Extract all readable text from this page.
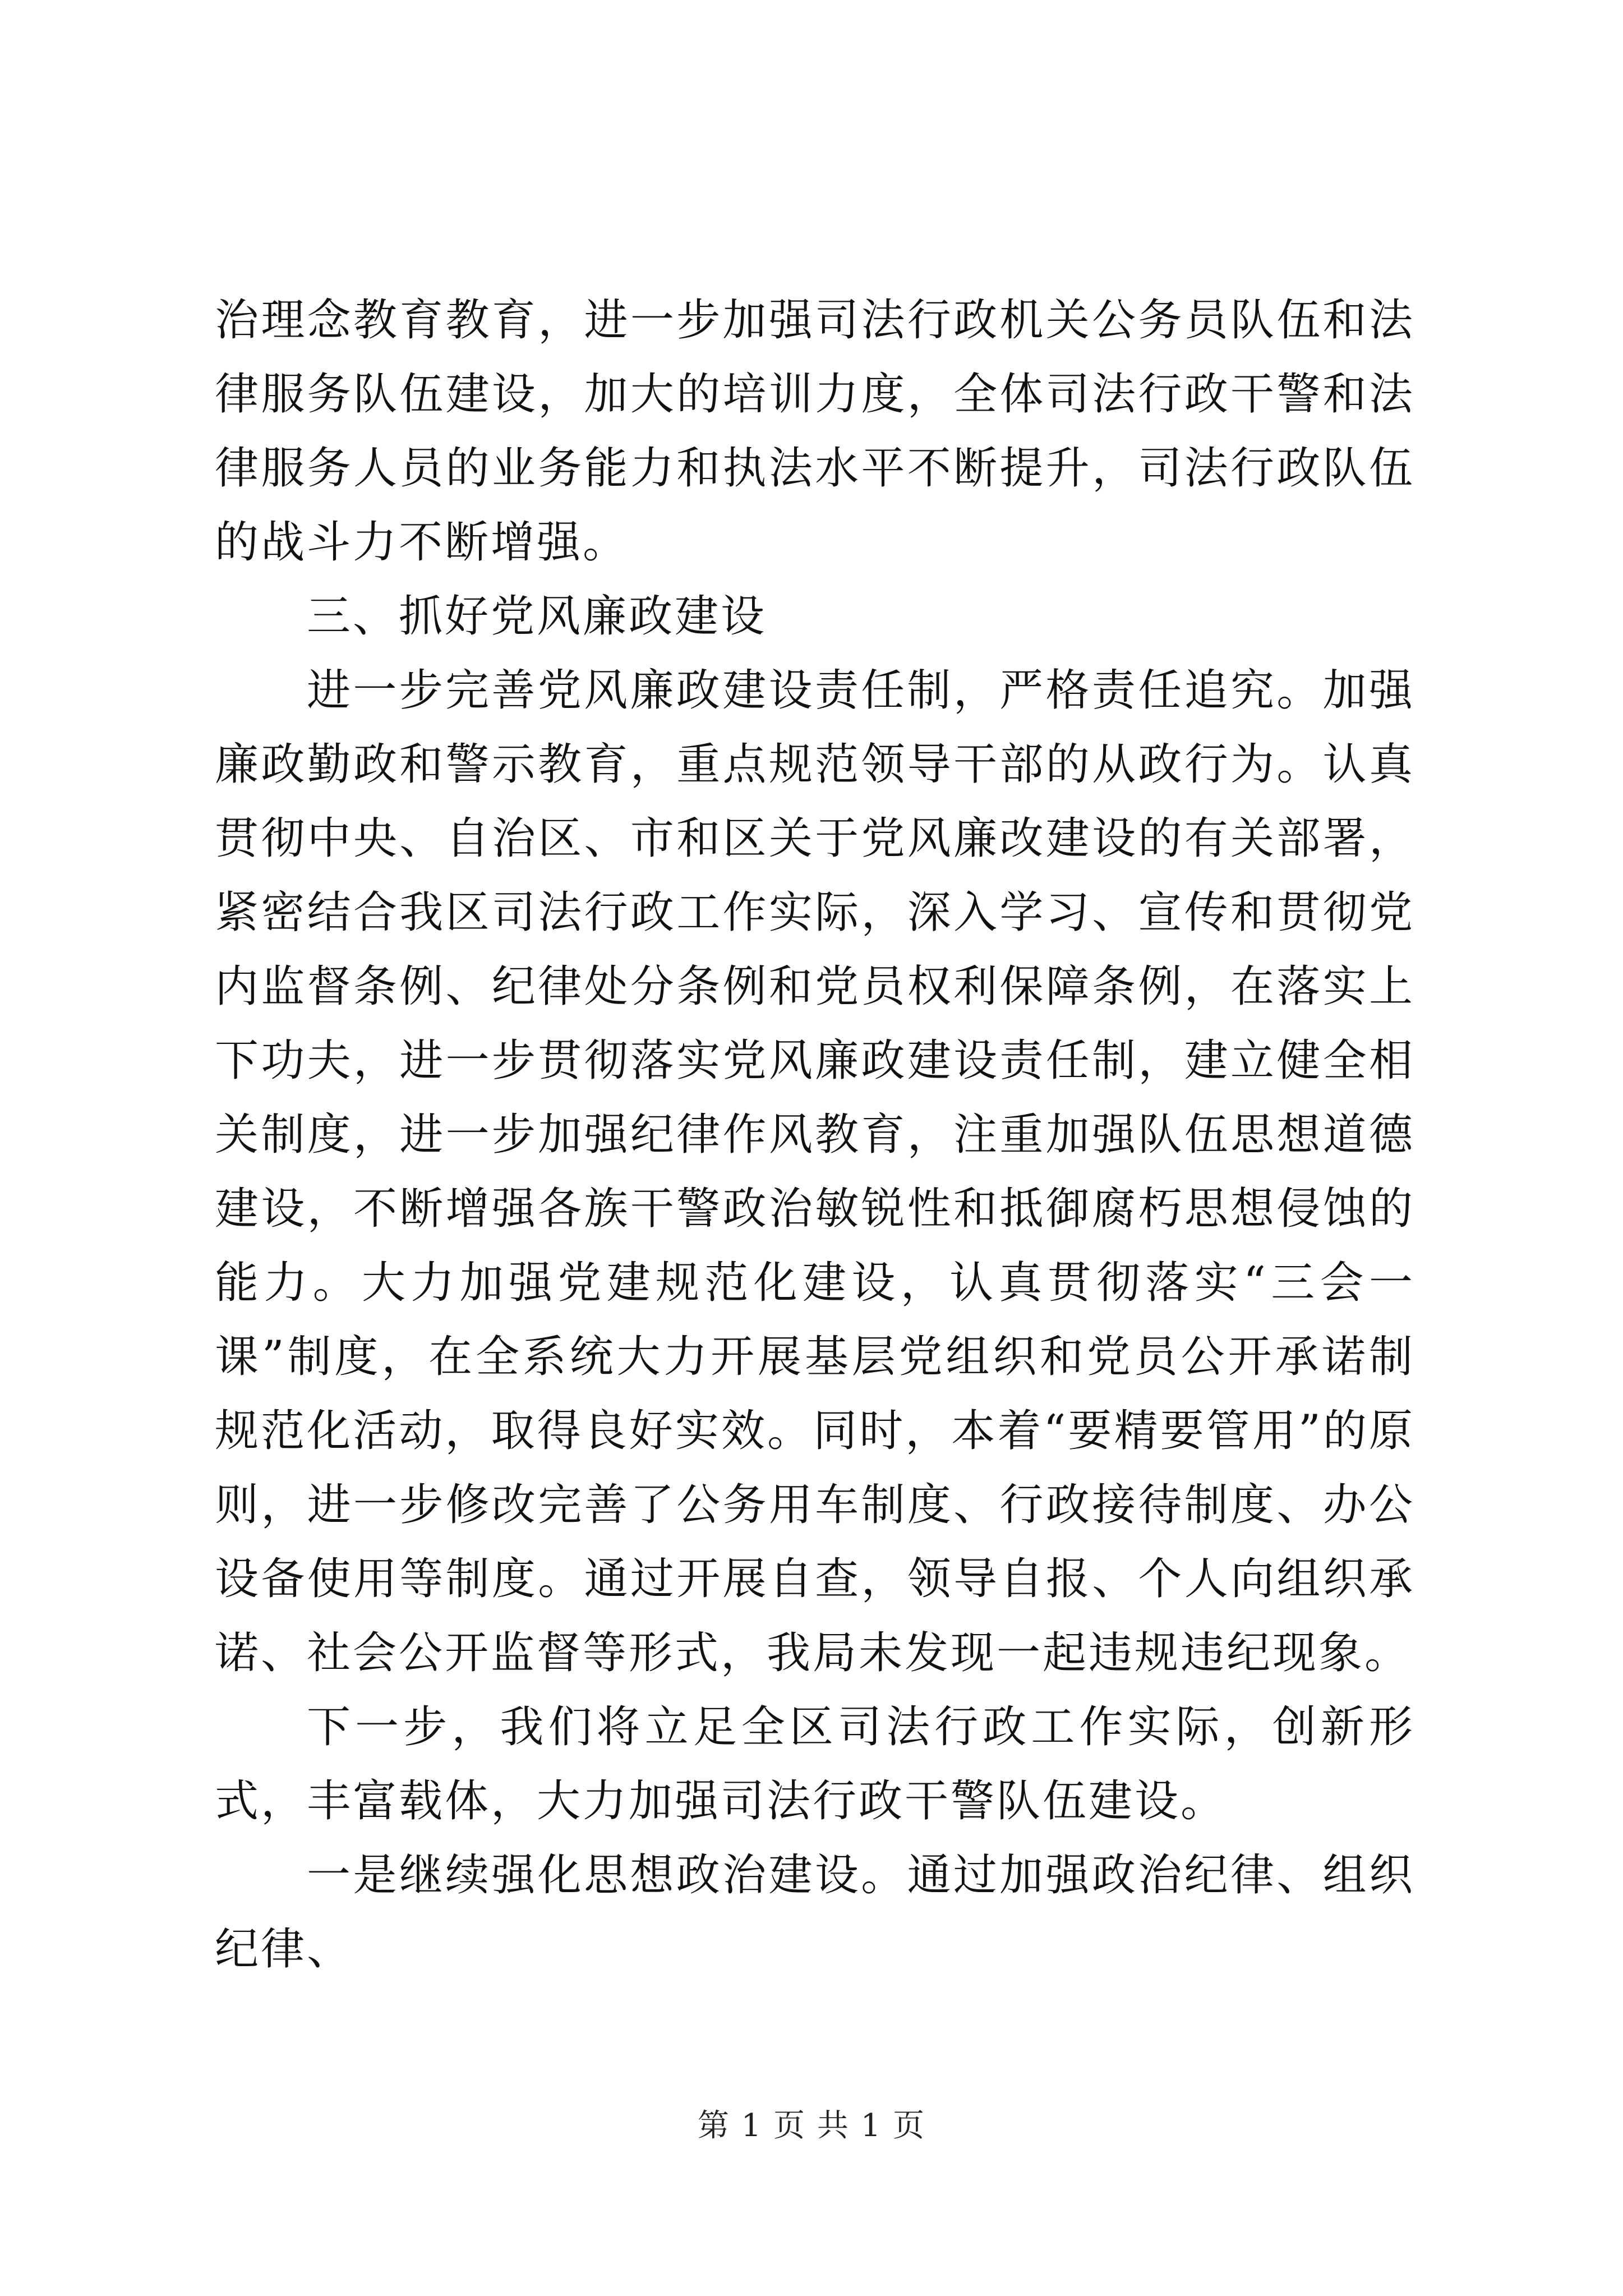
治理念教育教育，进一步加强司法行政机关公务员队伍和法律服务队伍建设，加大的培训力度，全体司法行政干警和法律服务人员的业务能力和执法水平不断提升，司法行政队伍的战斗力不断增强。

三、抓好党风廉政建设

进一步完善党风廉政建设责任制，严格责任追究。加强廉政勤政和警示教育，重点规范领导干部的从政行为。认真贯彻中央、自治区、市和区关于党风廉改建设的有关部署，紧密结合我区司法行政工作实际，深入学习、宣传和贯彻党内监督条例、纪律处分条例和党员权利保障条例，在落实上下功夫，进一步贯彻落实党风廉政建设责任制，建立健全相关制度，进一步加强纪律作风教育，注重加强队伍思想道德建设，不断增强各族干警政治敏锐性和抵御腐朽思想侵蚀的能力。大力加强党建规范化建设，认真贯彻落实“三会一课”制度，在全系统大力开展基层党组织和党员公开承诺制规范化活动，取得良好实效。同时，本着“要精要管用”的原则，进一步修改完善了公务用车制度、行政接待制度、办公设备使用等制度。通过开展自查，领导自报、个人向组织承诺、社会公开监督等形式，我局未发现一起违规违纪现象。

下一步，我们将立足全区司法行政工作实际，创新形式，丰富载体，大力加强司法行政干警队伍建设。

一是继续强化思想政治建设。通过加强政治纪律、组织纪律、

第 1 页 共 1 页
